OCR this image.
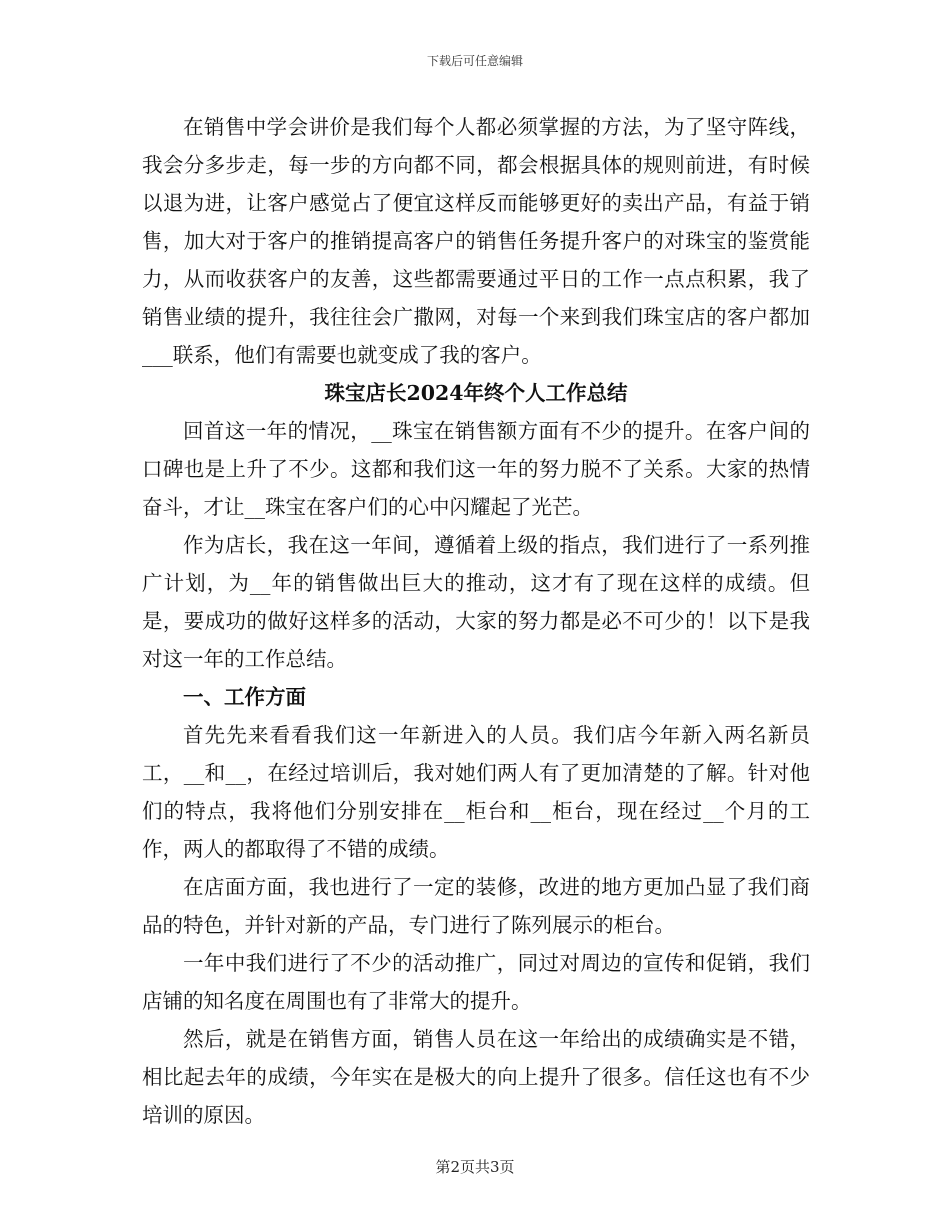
下载后可任意编辑

在销售中学会讲价是我们每个人都必须掌握的方法，为了坚守阵线，我会分多步走，每一步的方向都不同，都会根据具体的规则前进，有时候以退为进，让客户感觉占了便宜这样反而能够更好的卖出产品，有益于销售，加大对于客户的推销提高客户的销售任务提升客户的对珠宝的鉴赏能力，从而收获客户的友善，这些都需要通过平日的工作一点点积累，我了销售业绩的提升，我往往会广撒网，对每一个来到我们珠宝店的客户都加___联系，他们有需要也就变成了我的客户。

珠宝店长2024年终个人工作总结

回首这一年的情况，__珠宝在销售额方面有不少的提升。在客户间的口碑也是上升了不少。这都和我们这一年的努力脱不了关系。大家的热情奋斗，才让__珠宝在客户们的心中闪耀起了光芒。

作为店长，我在这一年间，遵循着上级的指点，我们进行了一系列推广计划，为__年的销售做出巨大的推动，这才有了现在这样的成绩。但是，要成功的做好这样多的活动，大家的努力都是必不可少的！以下是我对这一年的工作总结。

一、工作方面

首先先来看看我们这一年新进入的人员。我们店今年新入两名新员工，__和__，在经过培训后，我对她们两人有了更加清楚的了解。针对他们的特点，我将他们分别安排在__柜台和__柜台，现在经过__个月的工作，两人的都取得了不错的成绩。

在店面方面，我也进行了一定的装修，改进的地方更加凸显了我们商品的特色，并针对新的产品，专门进行了陈列展示的柜台。

一年中我们进行了不少的活动推广，同过对周边的宣传和促销，我们店铺的知名度在周围也有了非常大的提升。

然后，就是在销售方面，销售人员在这一年给出的成绩确实是不错，相比起去年的成绩，今年实在是极大的向上提升了很多。信任这也有不少培训的原因。

第2页共3页
